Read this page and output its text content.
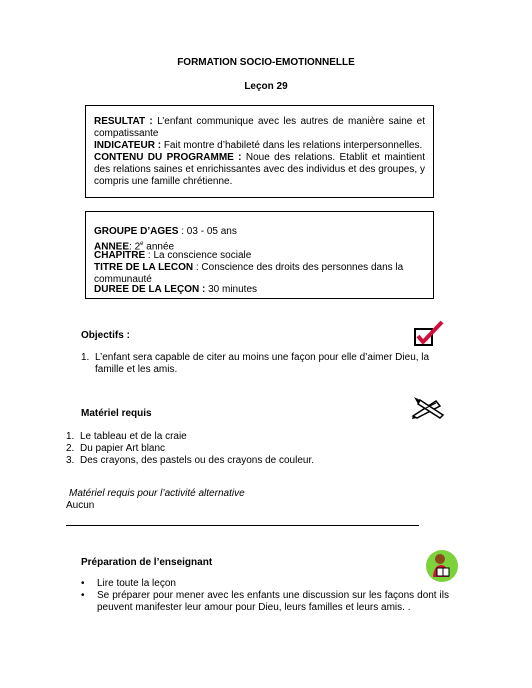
FORMATION SOCIO-EMOTIONNELLE
Leçon 29
RESULTAT : L’enfant communique avec les autres de manière saine et compatissante
INDICATEUR : Fait montre d’habileté dans les relations interpersonnelles.
CONTENU DU PROGRAMME : Noue des relations. Etablit et maintient des relations saines et enrichissantes avec des individus et des groupes, y compris une famille chrétienne.
GROUPE D’AGES : 03 - 05 ans
ANNEE: 2e année
CHAPITRE : La conscience sociale
TITRE DE LA LECON : Conscience des droits des personnes dans la communauté
DUREE DE LA LEÇON : 30 minutes
Objectifs :
1. L’enfant sera capable de citer au moins une façon pour elle d’aimer Dieu, la famille et les amis.
Matériel requis
1. Le tableau et de la craie
2. Du papier Art blanc
3. Des crayons, des pastels ou des crayons de couleur.
Matériel requis pour l’activité alternative
Aucun
Préparation de l’enseignant
•	Lire toute la leçon
•	Se préparer pour mener avec les enfants une discussion sur les façons dont ils peuvent manifester leur amour pour Dieu, leurs familles et leurs amis. .
